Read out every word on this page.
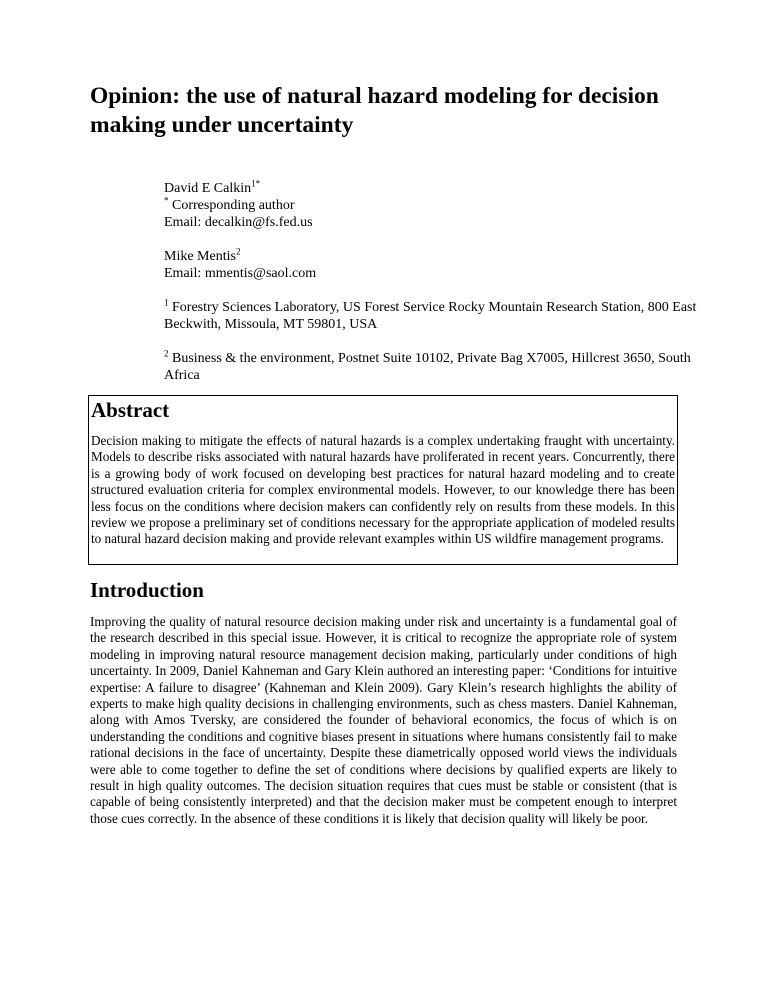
Opinion: the use of natural hazard modeling for decision making under uncertainty

David E Calkin$^{1*}$

* Corresponding author

Email: decalkin@fs.fed.us

Mike Mentis$^2$

Email: mmentis@saol.com

$^1$ Forestry Sciences Laboratory, US Forest Service Rocky Mountain Research Station, 800 East Beckwith, Missoula, MT 59801, USA

$^2$ Business & the environment, Postnet Suite 10102, Private Bag X7005, Hillcrest 3650, South Africa

Abstract

Decision making to mitigate the effects of natural hazards is a complex undertaking fraught with uncertainty. Models to describe risks associated with natural hazards have proliferated in recent years. Concurrently, there is a growing body of work focused on developing best practices for natural hazard modeling and to create structured evaluation criteria for complex environmental models. However, to our knowledge there has been less focus on the conditions where decision makers can confidently rely on results from these models. In this review we propose a preliminary set of conditions necessary for the appropriate application of modeled results to natural hazard decision making and provide relevant examples within US wildfire management programs.

Introduction

Improving the quality of natural resource decision making under risk and uncertainty is a fundamental goal of the research described in this special issue. However, it is critical to recognize the appropriate role of system modeling in improving natural resource management decision making, particularly under conditions of high uncertainty. In 2009, Daniel Kahneman and Gary Klein authored an interesting paper: ‘Conditions for intuitive expertise: A failure to disagree’ (Kahneman and Klein 2009). Gary Klein’s research highlights the ability of experts to make high quality decisions in challenging environments, such as chess masters. Daniel Kahneman, along with Amos Tversky, are considered the founder of behavioral economics, the focus of which is on understanding the conditions and cognitive biases present in situations where humans consistently fail to make rational decisions in the face of uncertainty. Despite these diametrically opposed world views the individuals were able to come together to define the set of conditions where decisions by qualified experts are likely to result in high quality outcomes. The decision situation requires that cues must be stable or consistent (that is capable of being consistently interpreted) and that the decision maker must be competent enough to interpret those cues correctly. In the absence of these conditions it is likely that decision quality will likely be poor.
